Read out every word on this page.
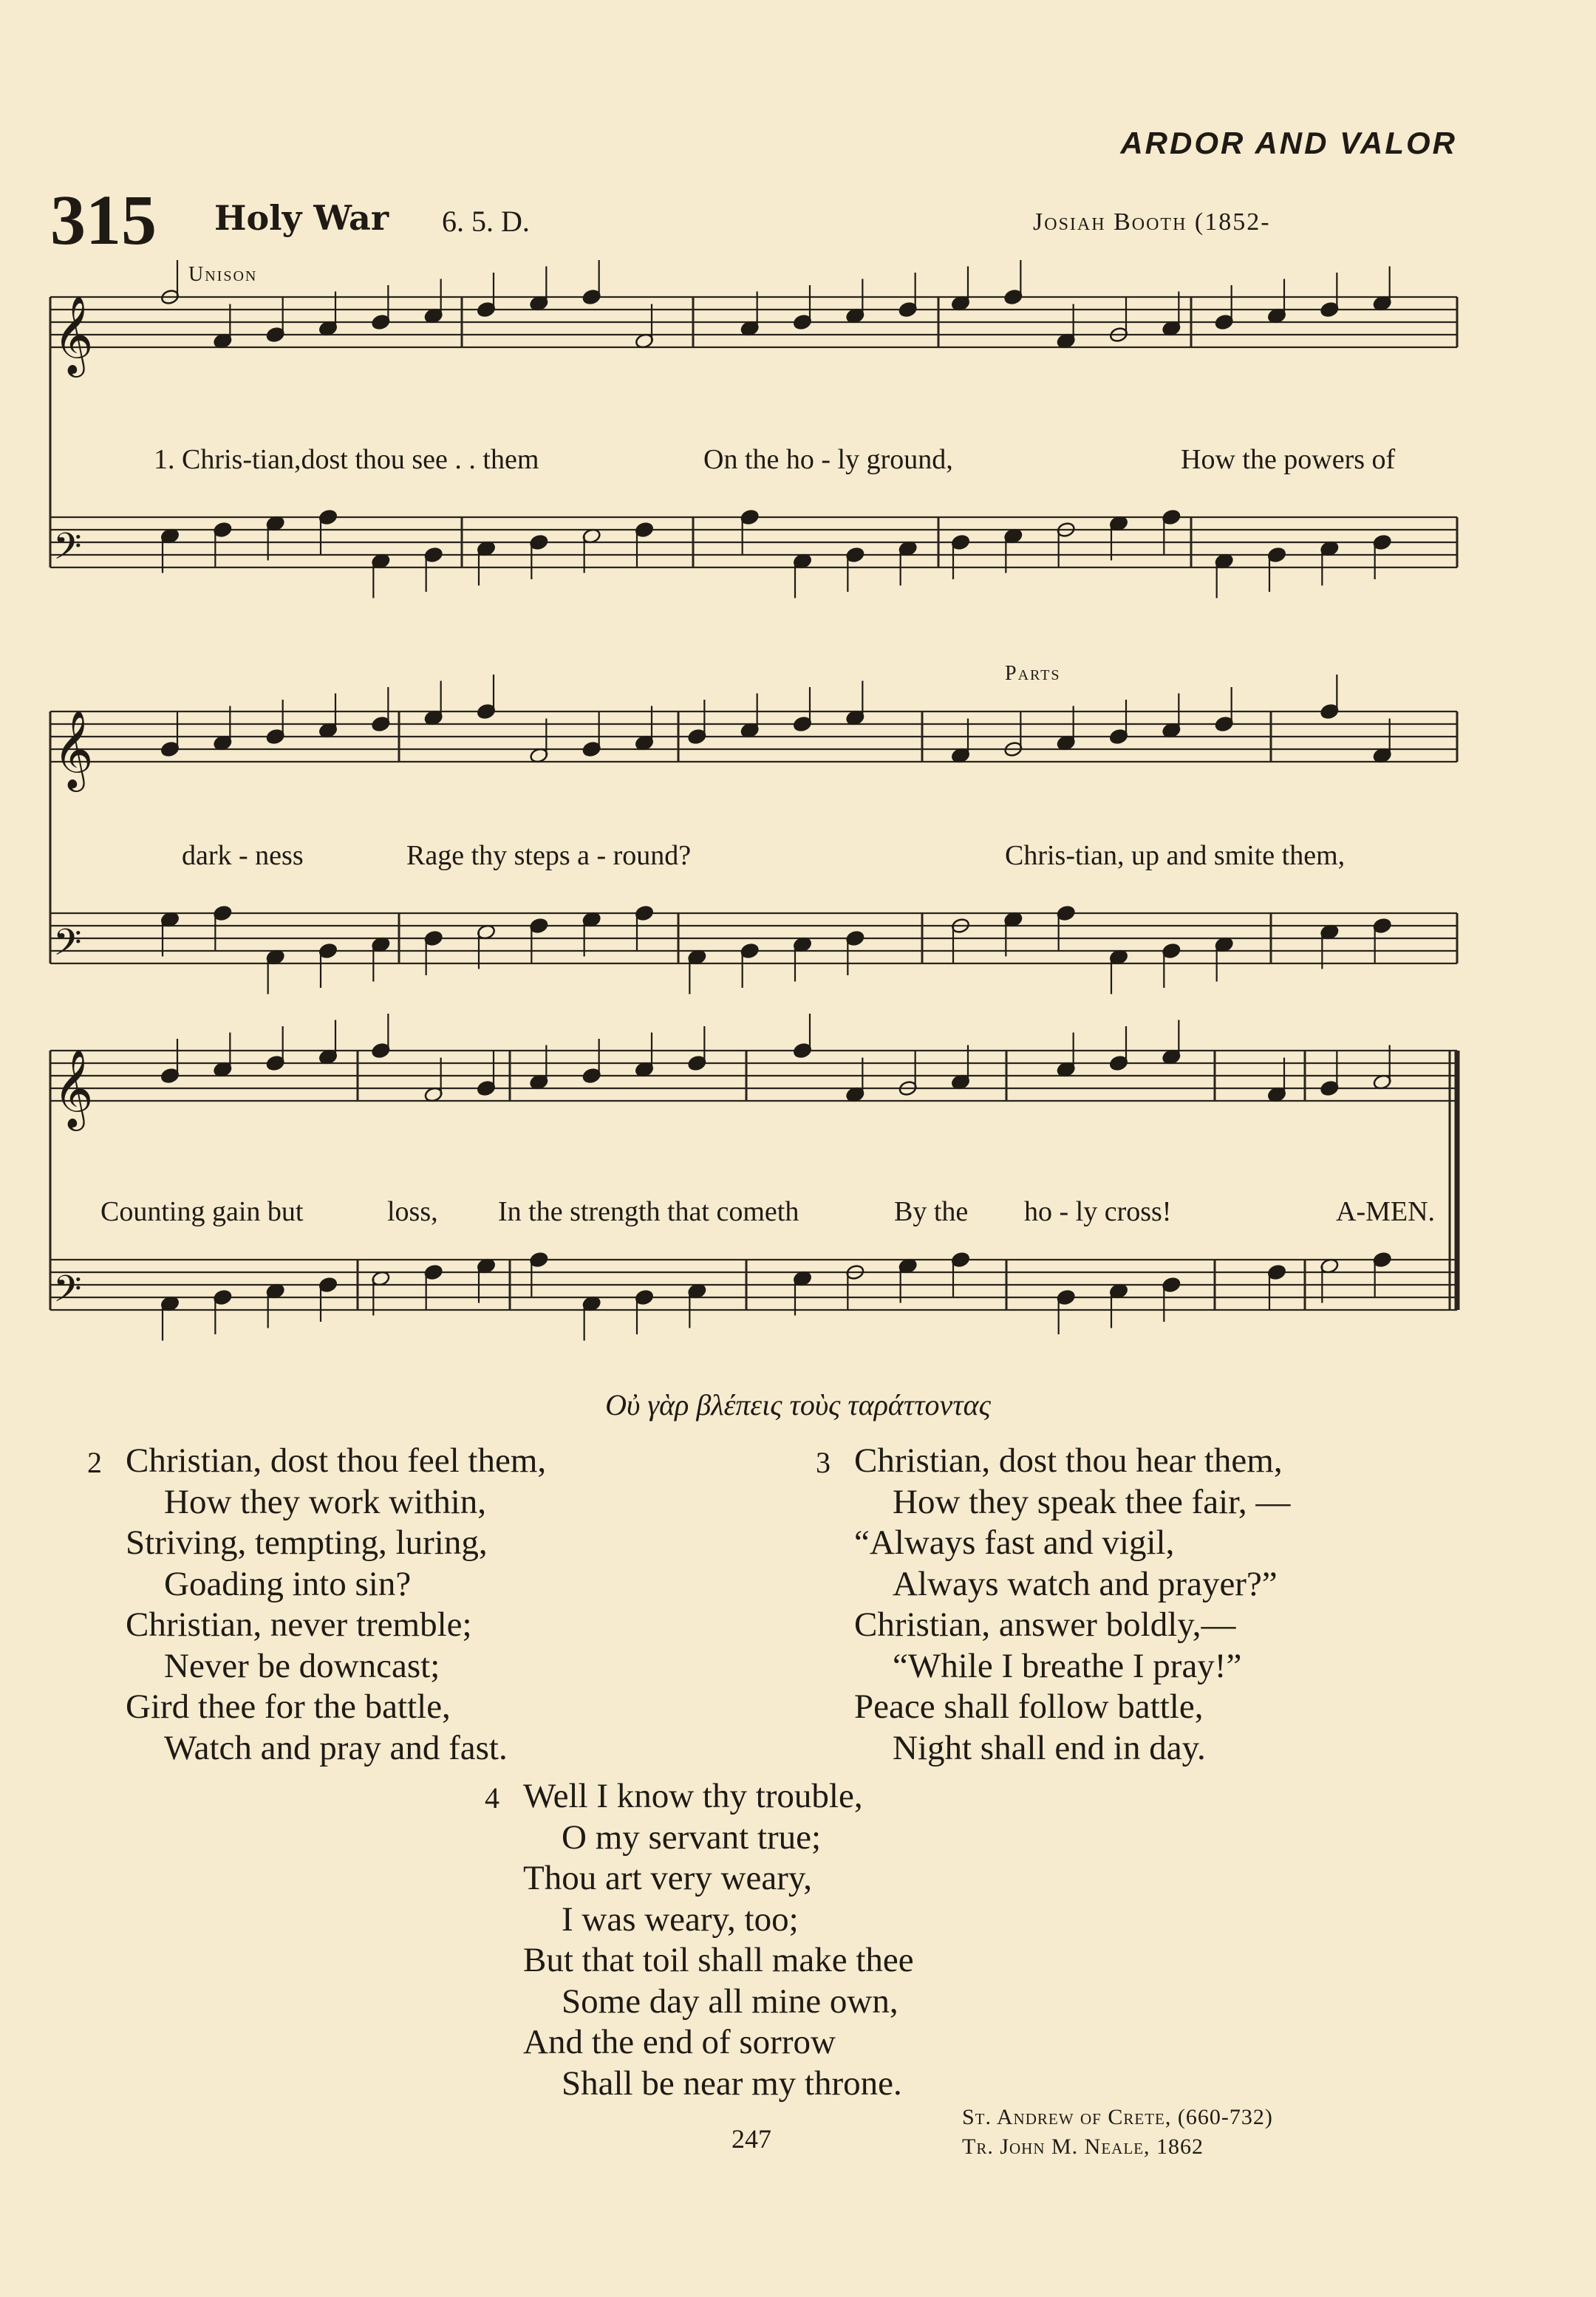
ARDOR AND VALOR
315 Holy War 6. 5. D.	Josiah Booth (1852-
𝄞
𝄢
𝄞
𝄢
𝄞
𝄢
Unison
Parts
1. Chris-tian,dost thou see . . them	On the ho - ly ground,	How the powers of
dark - ness	Rage thy steps a - round?	Chris-tian, up and smite them,
Counting gain but	loss, In the strength that cometh	By the ho - ly cross!	A-MEN.
Οὐ γὰρ βλέπεις τοὺς ταράττοντας
2 Christian, dost thou feel them,
How they work within,
Striving, tempting, luring,
Goading into sin?
Christian, never tremble;
Never be downcast;
Gird thee for the battle,
Watch and pray and fast.
3 Christian, dost thou hear them,
How they speak thee fair, —
“Always fast and vigil,
Always watch and prayer?”
Christian, answer boldly,—
“While I breathe I pray!”
Peace shall follow battle,
Night shall end in day.
4 Well I know thy trouble,
O my servant true;
Thou art very weary,
I was weary, too;
But that toil shall make thee
Some day all mine own,
And the end of sorrow
Shall be near my throne.
St. Andrew of Crete, (660-732)
Tr. John M. Neale, 1862
247
